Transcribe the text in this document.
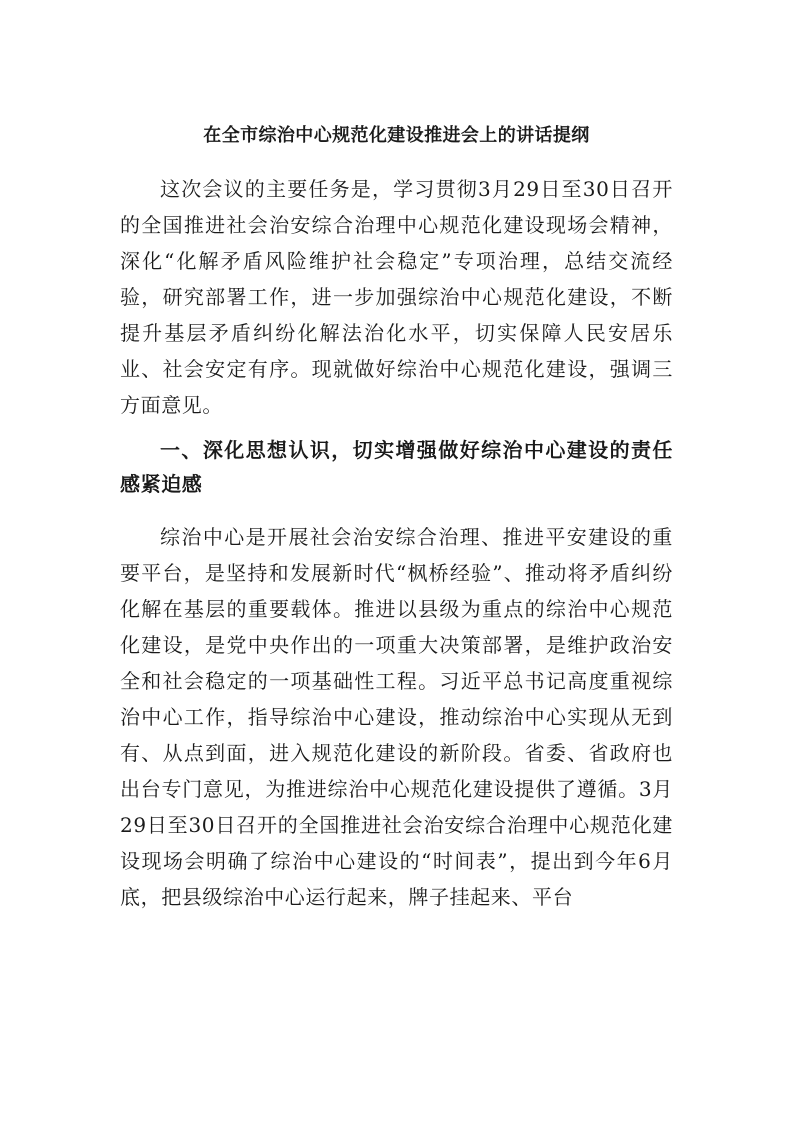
在全市综治中心规范化建设推进会上的讲话提纲

这次会议的主要任务是，学习贯彻3月29日至30日召开的全国推进社会治安综合治理中心规范化建设现场会精神，深化“化解矛盾风险维护社会稳定”专项治理，总结交流经验，研究部署工作，进一步加强综治中心规范化建设，不断提升基层矛盾纠纷化解法治化水平，切实保障人民安居乐业、社会安定有序。现就做好综治中心规范化建设，强调三方面意见。

一、深化思想认识，切实增强做好综治中心建设的责任感紧迫感

综治中心是开展社会治安综合治理、推进平安建设的重要平台，是坚持和发展新时代“枫桥经验”、推动将矛盾纠纷化解在基层的重要载体。推进以县级为重点的综治中心规范化建设，是党中央作出的一项重大决策部署，是维护政治安全和社会稳定的一项基础性工程。习近平总书记高度重视综治中心工作，指导综治中心建设，推动综治中心实现从无到有、从点到面，进入规范化建设的新阶段。省委、省政府也出台专门意见，为推进综治中心规范化建设提供了遵循。3月29日至30日召开的全国推进社会治安综合治理中心规范化建设现场会明确了综治中心建设的“时间表”，提出到今年6月底，把县级综治中心运行起来，牌子挂起来、平台
